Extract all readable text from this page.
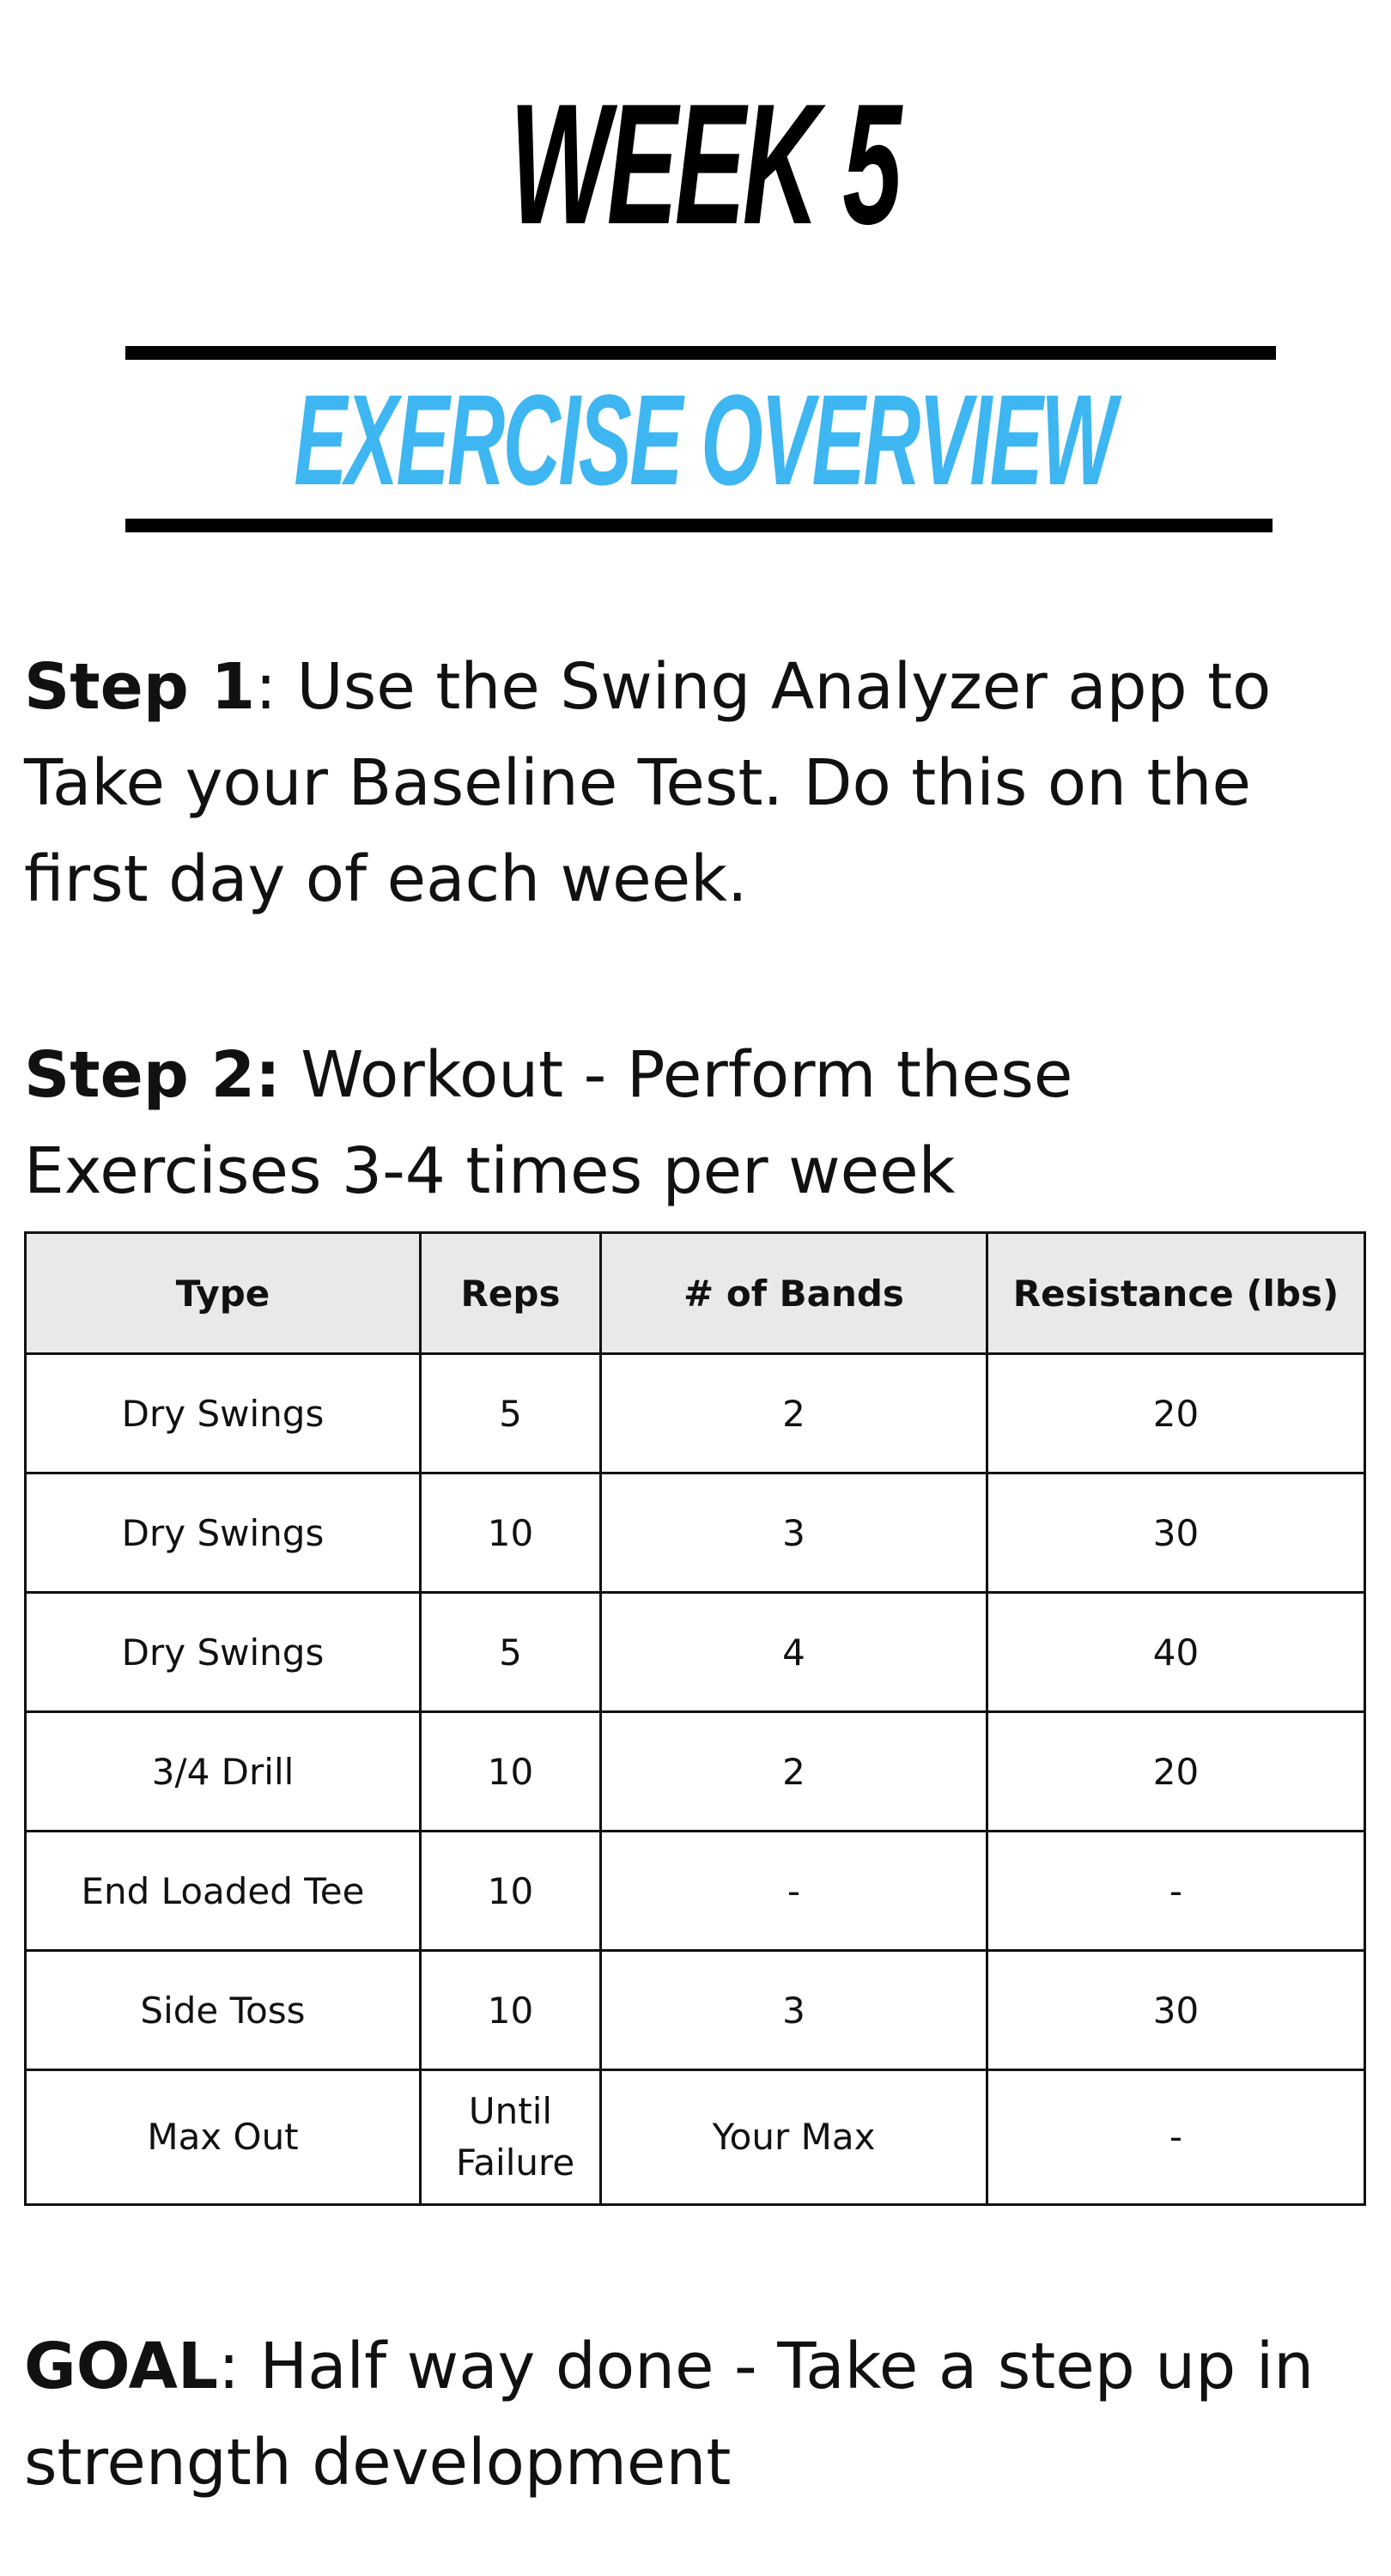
WEEK 5
EXERCISE OVERVIEW

Step 1: Use the Swing Analyzer app to Take your Baseline Test. Do this on the first day of each week.

Step 2: Workout - Perform these Exercises 3-4 times per week

Type	Reps	# of Bands	Resistance (lbs)
Dry Swings	5	2	20
Dry Swings	10	3	30
Dry Swings	5	4	40
3/4 Drill	10	2	20
End Loaded Tee	10	-	-
Side Toss	10	3	30
Max Out	Until Failure	Your Max	-

GOAL: Half way done - Take a step up in strength development
